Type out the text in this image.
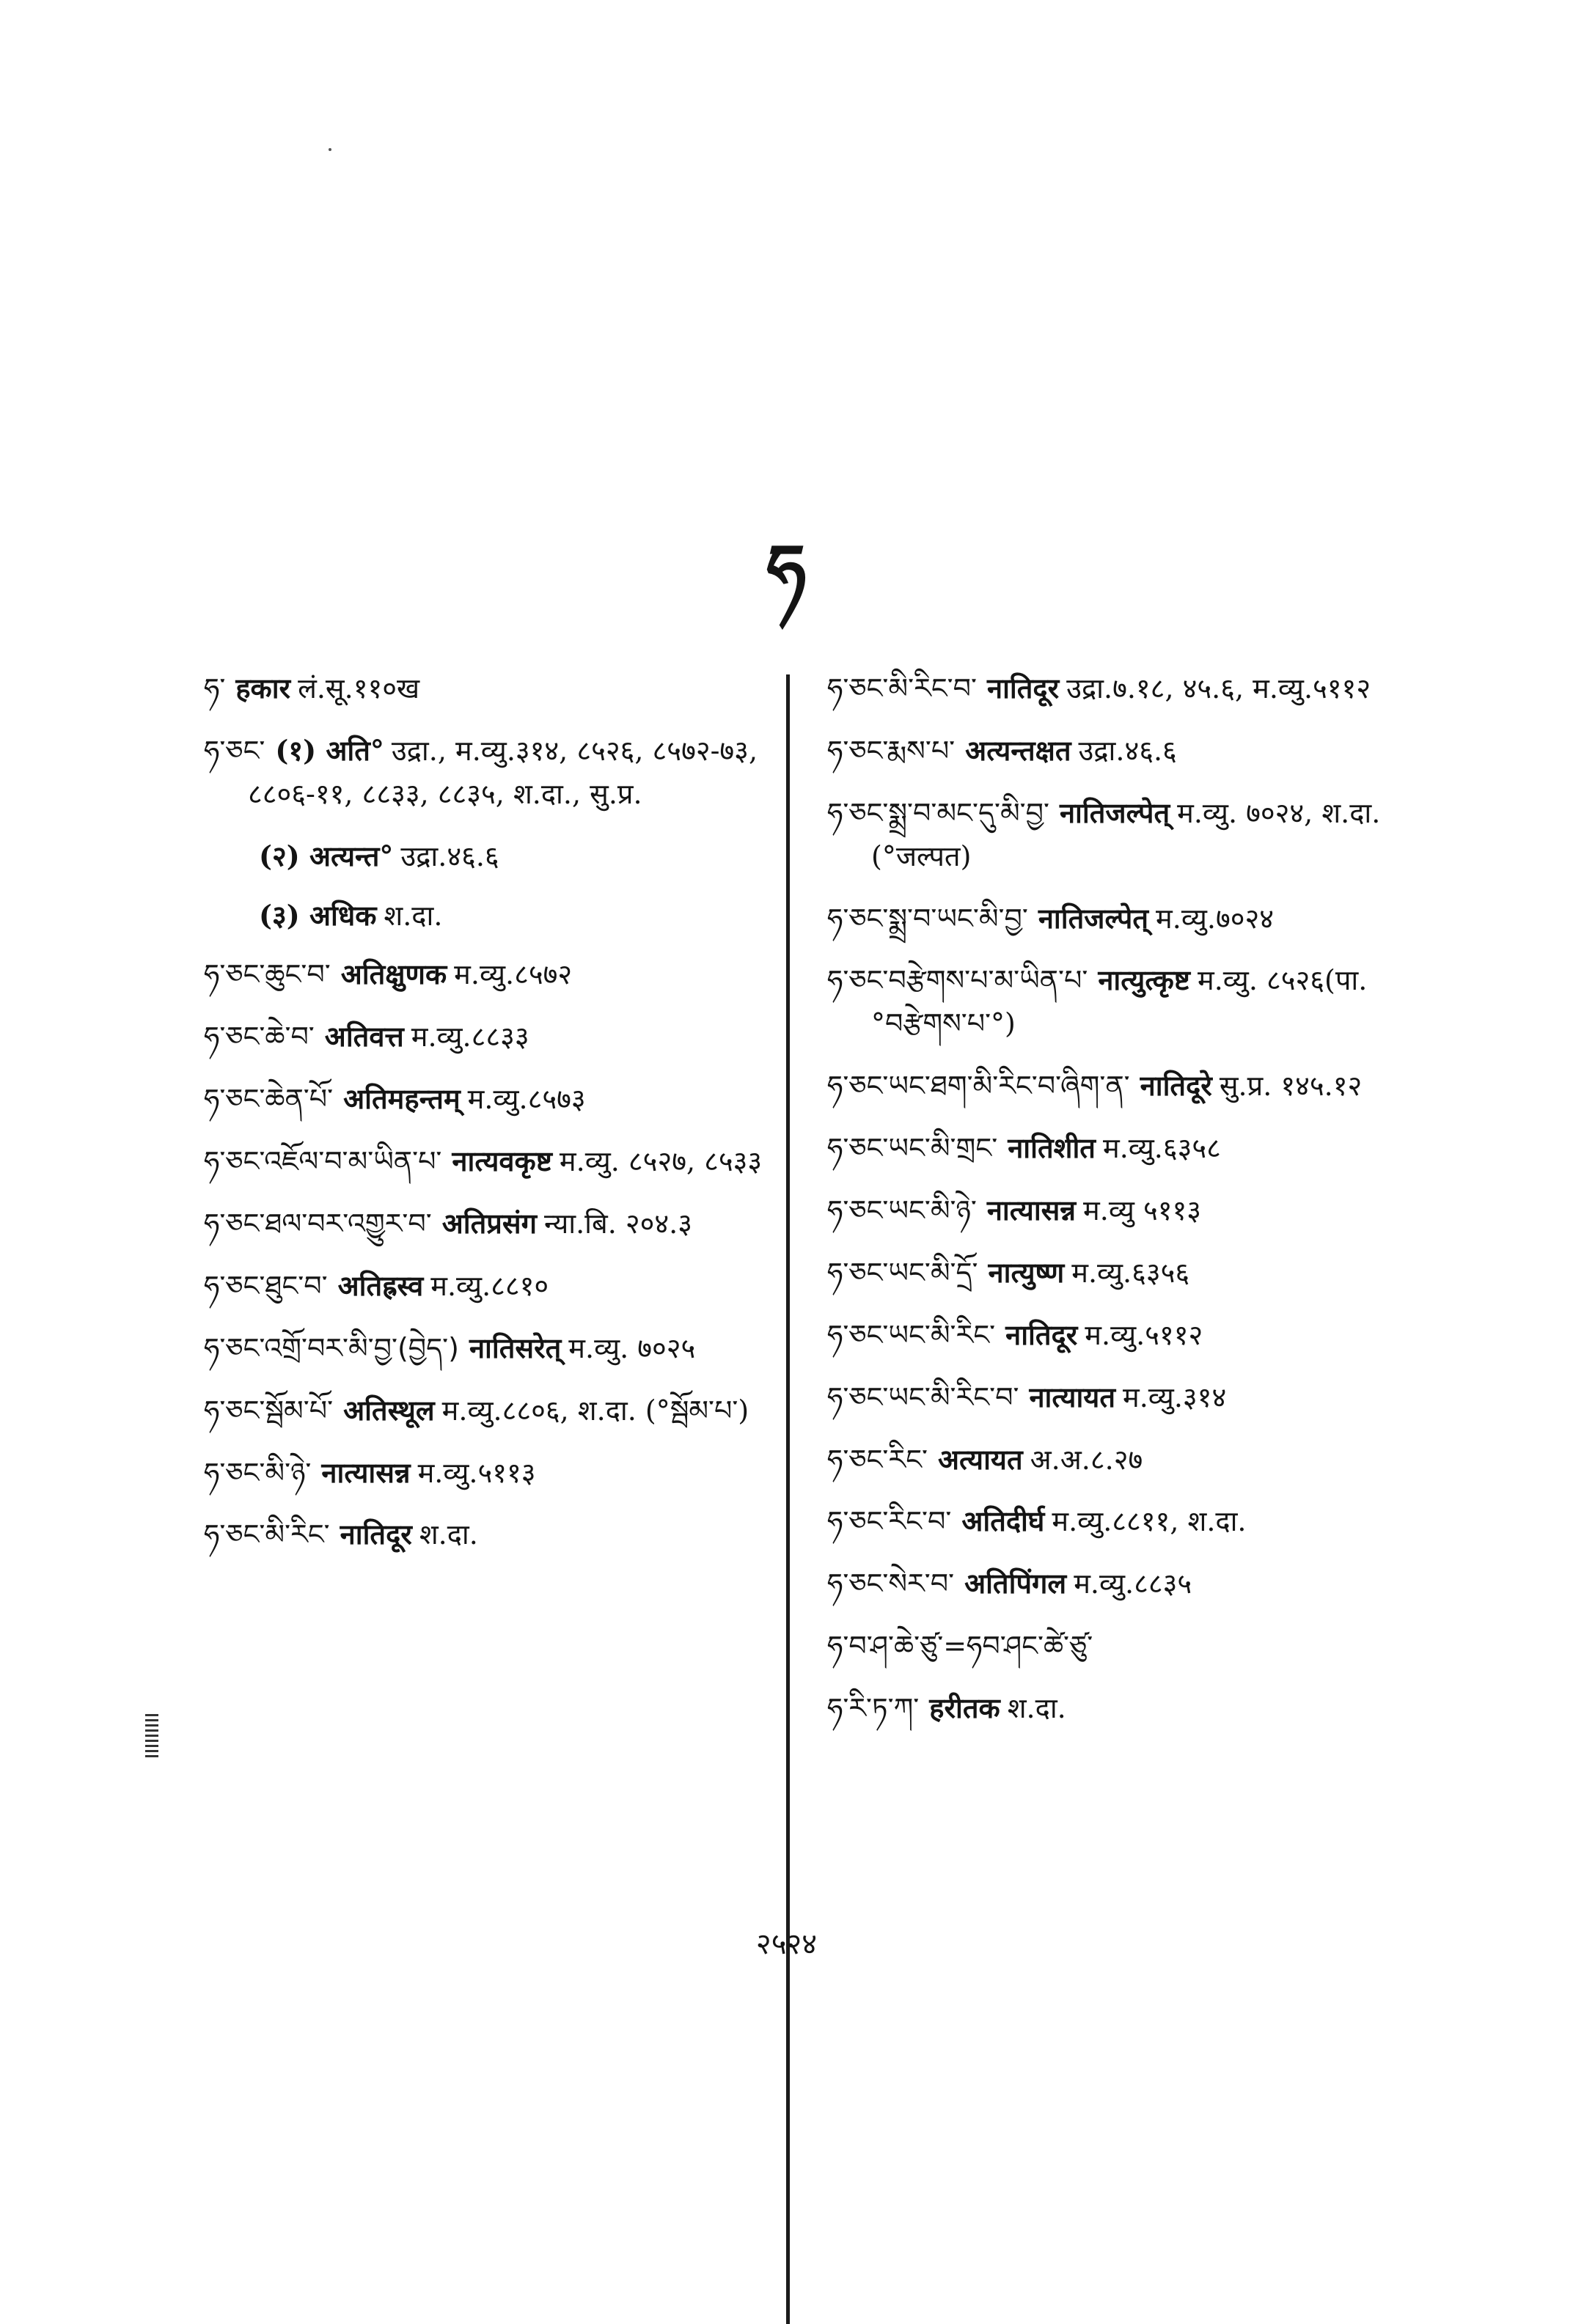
ཧ
ཧ་ हकार लं.सू.११०ख
ཧ་ཅང་ (१) अति° उद्रा., म.व्यु.३१४, ८५२६, ८५७२-७३, ८८०६-११, ८८३३, ८८३५, श.दा., सु.प्र.
(२) अत्यन्त° उद्रा.४६.६
(३) अधिक श.दा.
ཧ་ཅང་ཆུང་བ་ अतिक्षुणक म.व्यु.८५७२
ཧ་ཅང་ཆེ་བ་ अतिवत्त म.व्यु.८८३३
ཧ་ཅང་ཆེན་པོ་ अतिमहन्तम् म.व्यु.८५७३
ཧ་ཅང་འཇོལ་བ་མ་ཡིན་པ་ नात्यवकृष्ट म.व्यु. ८५२७, ८५३३
ཧ་ཅང་ཐལ་བར་འགྱུར་བ་ अतिप्रसंग न्या.बि. २०४.३
ཧ་ཅང་ཐུང་བ་ अतिह्रस्व म.व्यु.८८१०
ཧ་ཅང་འགྲོ་བར་མི་བྱ་(བྱེད་) नातिसरेत् म.व्यु. ७०२५
ཧ་ཅང་སྦོམ་པོ་ अतिस्थूल म.व्यु.८८०६, श.दा. (°སྦོམ་པ་)
ཧ་ཅང་མི་ཉེ་ नात्यासन्न म.व्यु.५११३
ཧ་ཅང་མི་རིང་ नातिदूर श.दा.
ཧ་ཅང་མི་རིང་བ་ नातिदूर उद्रा.७.१८, ४५.६, म.व्यु.५११२
ཧ་ཅང་རྨས་པ་ अत्यन्तक्षत उद्रा.४६.६
ཧ་ཅང་སྨྲ་བ་མང་དུ་མི་བྱ་ नातिजल्पेत् म.व्यु. ७०२४, श.दा. (°जल्पत)
ཧ་ཅང་སྨྲ་བ་ཡང་མི་བྱ་ नातिजल्पेत् म.व्यु.७०२४
ཧ་ཅང་བརྩེགས་པ་མ་ཡིན་པ་ नात्युत्कृष्ट म.व्यु. ८५२६(पा. °བརྩེགས་པ་°)
ཧ་ཅང་ཡང་ཐག་མི་རིང་བ་ཞིག་ན་ नातिदूरे सु.प्र. १४५.१२
ཧ་ཅང་ཡང་མི་གྲང་ नातिशीत म.व्यु.६३५८
ཧ་ཅང་ཡང་མི་ཉེ་ नात्यासन्न म.व्यु ५११३
ཧ་ཅང་ཡང་མི་དྲོ་ नात्युष्ण म.व्यु.६३५६
ཧ་ཅང་ཡང་མི་རིང་ नातिदूर म.व्यु.५११२
ཧ་ཅང་ཡང་མི་རིང་བ་ नात्यायत म.व्यु.३१४
ཧ་ཅང་རིང་ अत्यायत अ.अ.८.२७
ཧ་ཅང་རིང་བ་ अतिदीर्घ म.व्यु.८८११, श.दा.
ཧ་ཅང་སེར་བ་ अतिपिंगल म.व्यु.८८३५
ཧ་བ་ཤ་ཆེ་ཙུ་=ཧབ་ཤང་ཚེ་ཙུ་
ཧ་རི་ཏ་ཀ་ हरीतक श.दा.
२५२४
